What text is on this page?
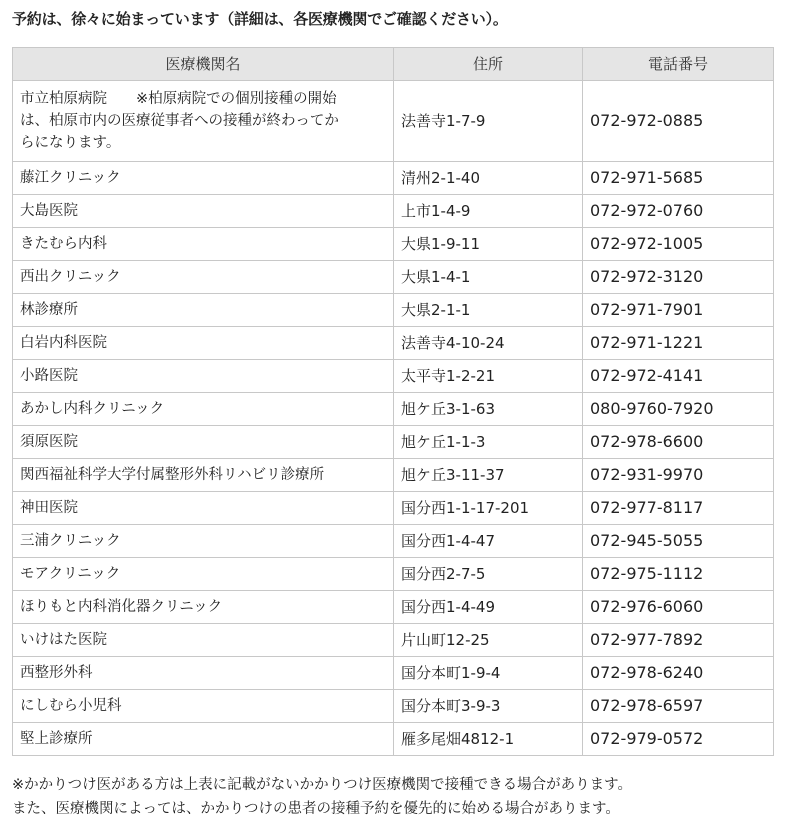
予約は、徐々に始まっています（詳細は、各医療機関でご確認ください）。
医療機関名	住所	電話番号

市立柏原病院　　※柏原病院での個別接種の開始
は、柏原市内の医療従事者への接種が終わってか
らになります。	法善寺1-7-9	072-972-0885

藤江クリニック	清州2-1-40	072-971-5685

大島医院	上市1-4-9	072-972-0760

きたむら内科	大県1-9-11	072-972-1005

西出クリニック	大県1-4-1	072-972-3120

林診療所	大県2-1-1	072-971-7901

白岩内科医院	法善寺4-10-24	072-971-1221

小路医院	太平寺1-2-21	072-972-4141

あかし内科クリニック	旭ケ丘3-1-63	080-9760-7920

須原医院	旭ケ丘1-1-3	072-978-6600

関西福祉科学大学付属整形外科リハビリ診療所	旭ケ丘3-11-37	072-931-9970

神田医院	国分西1-1-17-201	072-977-8117

三浦クリニック	国分西1-4-47	072-945-5055

モアクリニック	国分西2-7-5	072-975-1112

ほりもと内科消化器クリニック	国分西1-4-49	072-976-6060

いけはた医院	片山町12-25	072-977-7892

西整形外科	国分本町1-9-4	072-978-6240

にしむら小児科	国分本町3-9-3	072-978-6597

堅上診療所	雁多尾畑4812-1	072-979-0572

※かかりつけ医がある方は上表に記載がないかかりつけ医療機関で接種できる場合があります。

また、医療機関によっては、かかりつけの患者の接種予約を優先的に始める場合があります。
